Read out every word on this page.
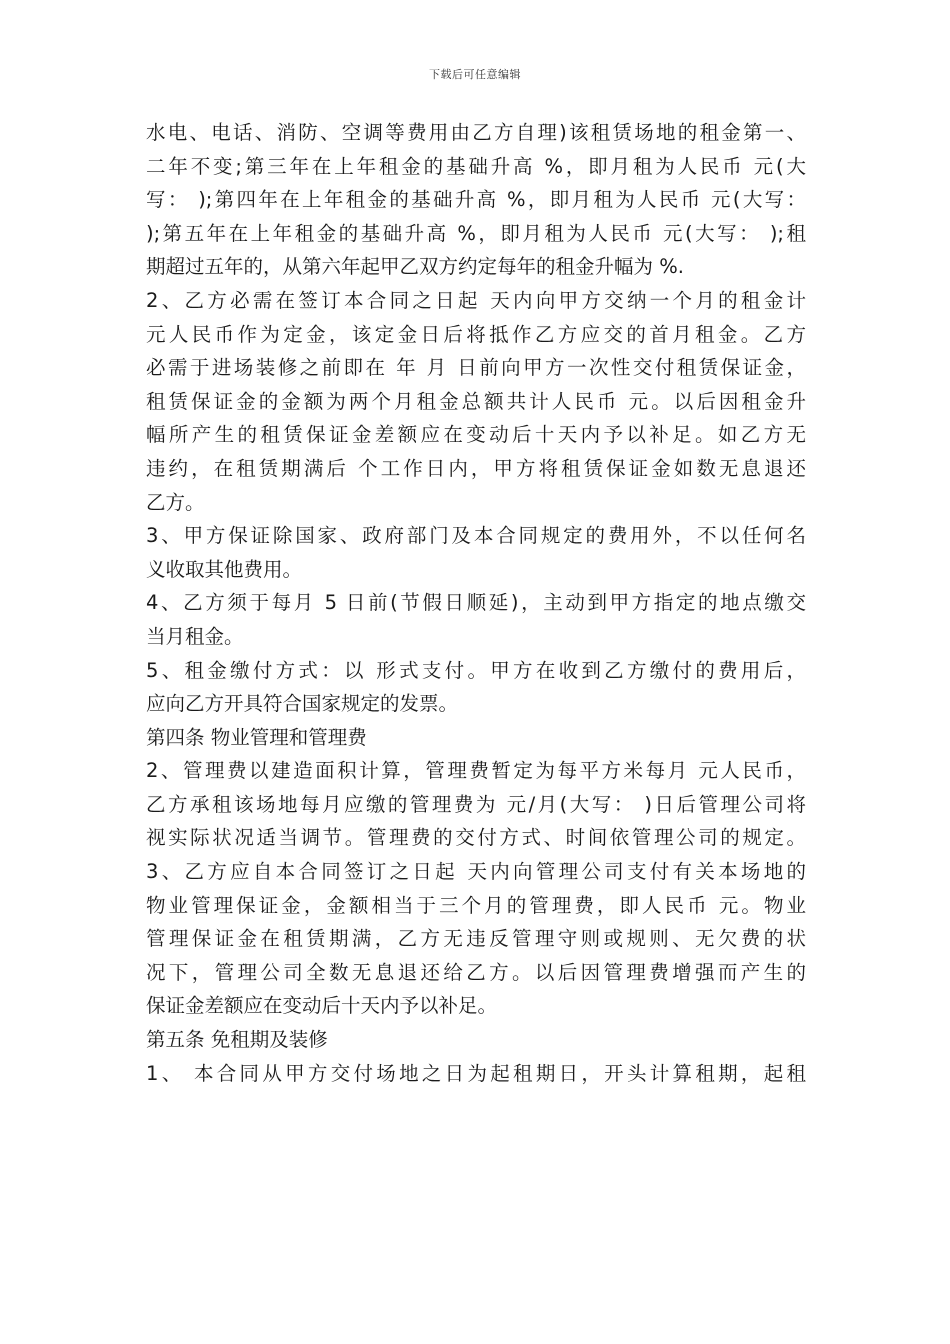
下载后可任意编辑
水电、电话、消防、空调等费用由乙方自理)该租赁场地的租金第一、
二年不变;第三年在上年租金的基础升高 %，即月租为人民币 元(大
写： );第四年在上年租金的基础升高 %，即月租为人民币 元(大写：
);第五年在上年租金的基础升高 %，即月租为人民币 元(大写： );租
期超过五年的，从第六年起甲乙双方约定每年的租金升幅为 %.
2、乙方必需在签订本合同之日起 天内向甲方交纳一个月的租金计
元人民币作为定金，该定金日后将抵作乙方应交的首月租金。乙方
必需于进场装修之前即在 年 月 日前向甲方一次性交付租赁保证金，
租赁保证金的金额为两个月租金总额共计人民币 元。以后因租金升
幅所产生的租赁保证金差额应在变动后十天内予以补足。如乙方无
违约，在租赁期满后 个工作日内，甲方将租赁保证金如数无息退还
乙方。
3、甲方保证除国家、政府部门及本合同规定的费用外，不以任何名
义收取其他费用。
4、乙方须于每月 5 日前(节假日顺延)，主动到甲方指定的地点缴交
当月租金。
5、租金缴付方式：以 形式支付。甲方在收到乙方缴付的费用后，
应向乙方开具符合国家规定的发票。
第四条 物业管理和管理费
2、管理费以建造面积计算，管理费暂定为每平方米每月 元人民币，
乙方承租该场地每月应缴的管理费为 元/月(大写： )日后管理公司将
视实际状况适当调节。管理费的交付方式、时间依管理公司的规定。
3、乙方应自本合同签订之日起 天内向管理公司支付有关本场地的
物业管理保证金，金额相当于三个月的管理费，即人民币 元。物业
管理保证金在租赁期满，乙方无违反管理守则或规则、无欠费的状
况下，管理公司全数无息退还给乙方。以后因管理费增强而产生的
保证金差额应在变动后十天内予以补足。
第五条 免租期及装修
1、 本合同从甲方交付场地之日为起租期日，开头计算租期，起租
